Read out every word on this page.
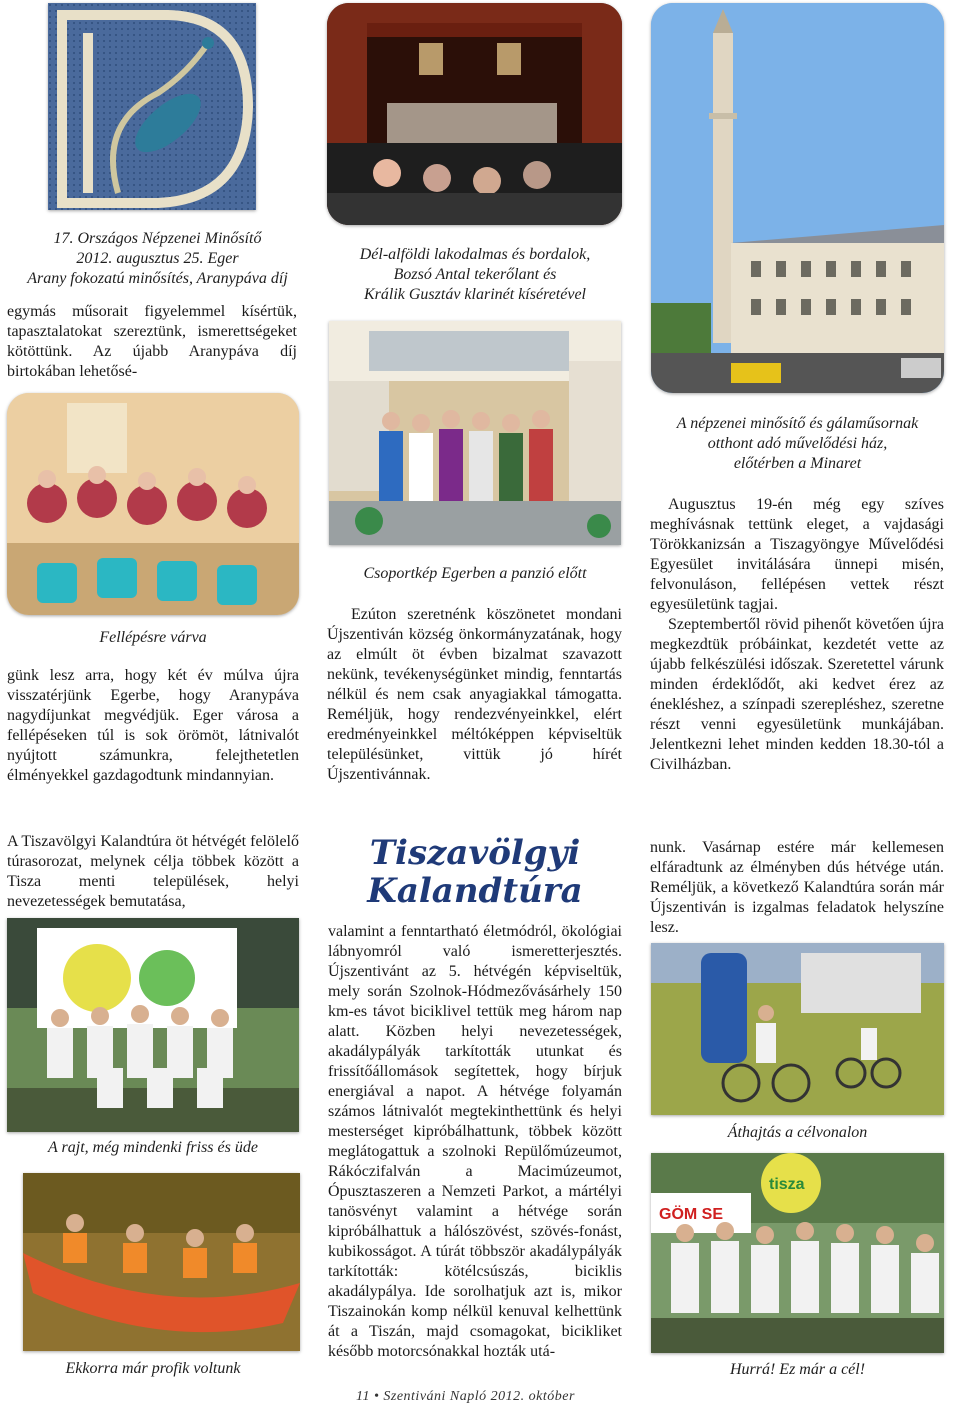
17. Országos Népzenei Minősítő
2012. augusztus 25. Eger
Arany fokozatú minősítés, Aranypáva díj
egymás műsorait figyelemmel kísértük, tapasztalatokat szereztünk, ismerettségeket kötöttünk. Az újabb Aranypáva díj birtokában lehetősé-
Dél-alföldi lakodalmas és bordalok,
Bozsó Antal tekerőlant és
Králik Gusztáv klarinét kíséretével
A népzenei minősítő és gálaműsornak
otthont adó művelődési ház,
előtérben a Minaret
Fellépésre várva
günk lesz arra, hogy két év múlva újra visszatérjünk Egerbe, hogy Aranypáva nagydíjunkat megvédjük. Eger városa a fellépéseken túl is sok örömöt, látnivalót nyújtott számunkra, felejthetetlen élményekkel gazdagodtunk mindannyian.
Csoportkép Egerben a panzió előtt
Ezúton szeretnénk köszönetet mondani Újszentiván község önkormányzatának, hogy az elmúlt öt évben bizalmat szavazott nekünk, tevékenységünket mindig, fenntartás nélkül és nem csak anyagiakkal támogatta. Reméljük, hogy rendezvényeinkkel, elért eredményeinkkel méltóképpen képviseltük településünket, vittük jó hírét Újszentivánnak.

Augusztus 19-én még egy szíves meghívásnak tettünk eleget, a vajdasági Törökkanizsán a Tiszagyöngye Művelődési Egyesület invitálására ünnepi misén, felvonuláson, fellépésen vettek részt egyesületünk tagjai.

Szeptembertől rövid pihenőt követően újra megkezdtük próbáinkat, kezdetét vette az újabb felkészülési időszak. Szeretettel várunk minden érdeklődőt, aki kedvet érez az énekléshez, a színpadi szerepléshez, szeretne részt venni egyesületünk munkájában. Jelentkezni lehet minden kedden 18.30-tól a Civilházban.

A Tiszavölgyi Kalandtúra öt hétvégét felölelő túrasorozat, melynek célja többek között a Tisza menti települések, helyi nevezetességek bemutatása,
A rajt, még mindenki friss és üde
Ekkorra már profik voltunk
Tiszavölgyi
Kalandtúra
valamint a fenntartható életmódról, ökológiai lábnyomról való ismeretterjesztés. Újszentivánt az 5. hétvégén képviseltük, mely során Szolnok-Hódmezővásárhely 150 km-es távot biciklivel tettük meg három nap alatt. Közben helyi nevezetességek, akadálypályák tarkították utunkat és frissítőállomások segítettek, hogy bírjuk energiával a napot. A hétvége folyamán számos látnivalót megtekinthettünk és helyi mesterséget kipróbálhattunk, többek között meglátogattuk a szolnoki Repülőmúzeumot, Rákóczifalván a Macimúzeumot, Ópusztaszeren a Nemzeti Parkot, a mártélyi tanösvényt valamint a hétvége során kipróbálhattuk a hálószövést, szövés-fonást, kubikosságot. A túrát többször akadálypályák tarkították: kötélcsúszás, biciklis akadálypálya. Ide sorolhatjuk azt is, mikor Tiszainokán komp nélkül kenuval kelhettünk át a Tiszán, majd csomagokat, bicikliket később motorcsónakkal hozták utá-
nunk. Vasárnap estére már kellemesen elfáradtunk az élményben dús hétvége után. Reméljük, a következő Kalandtúra során már Újszentiván is izgalmas feladatok helyszíne lesz.
Áthajtás a célvonalon
GÖM SE
tisza
Hurrá! Ez már a cél!
11 • Szentiváni Napló 2012. október
